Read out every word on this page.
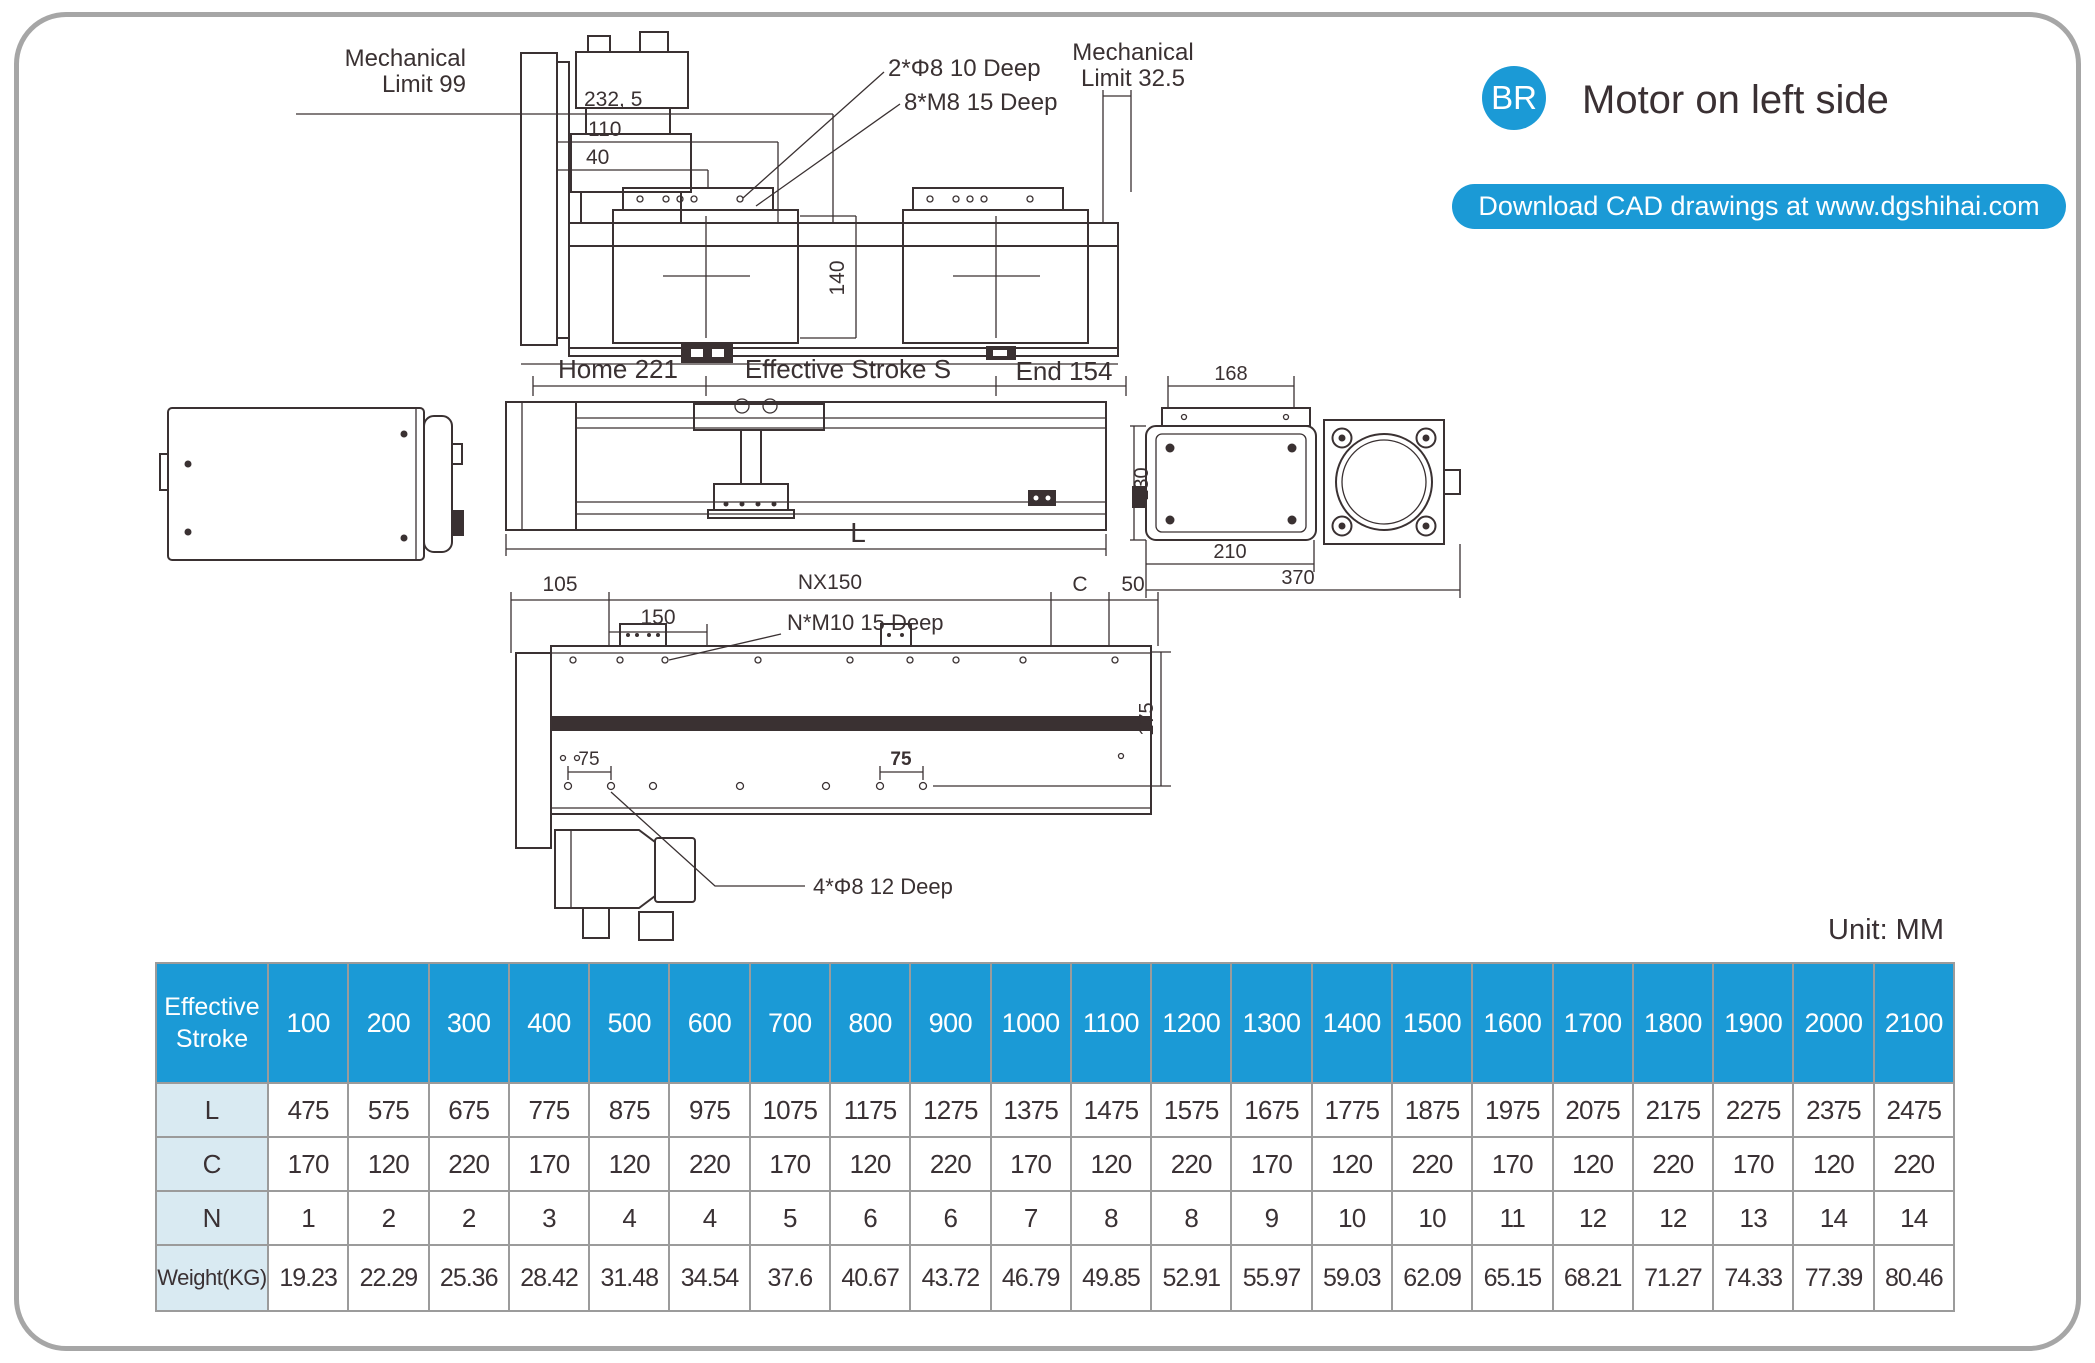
BR Motor on left side
Download CAD drawings at www.dgshihai.com
Unit: MM
Mechanical
Limit 99
232, 5
110
40
140
2*Φ8 10 Deep
8*M8 15 Deep
Mechanical
Limit 32.5
Home 221	Effective Stroke S End 154
L
168
130
210
370
105	NX150	C 50
150	N*M10 15 Deep
75	75
175
4*Φ8 12 Deep
Effective Stroke	100	200	300	400	500	600	700	800	900	1000	1100	1200	1300	1400	1500	1600	1700	1800	1900	2000	2100
L	475	575	675	775	875	975	1075	1175	1275	1375	1475	1575	1675	1775	1875	1975	2075	2175	2275	2375	2475
C	170	120	220	170	120	220	170	120	220	170	120	220	170	120	220	170	120	220	170	120	220
N	1	2	2	3	4	4	5	6	6	7	8	8	9	10	10	11	12	12	13	14	14
Weight(KG)	19.23	22.29	25.36	28.42	31.48	34.54	37.6	40.67	43.72	46.79	49.85	52.91	55.97	59.03	62.09	65.15	68.21	71.27	74.33	77.39	80.46
